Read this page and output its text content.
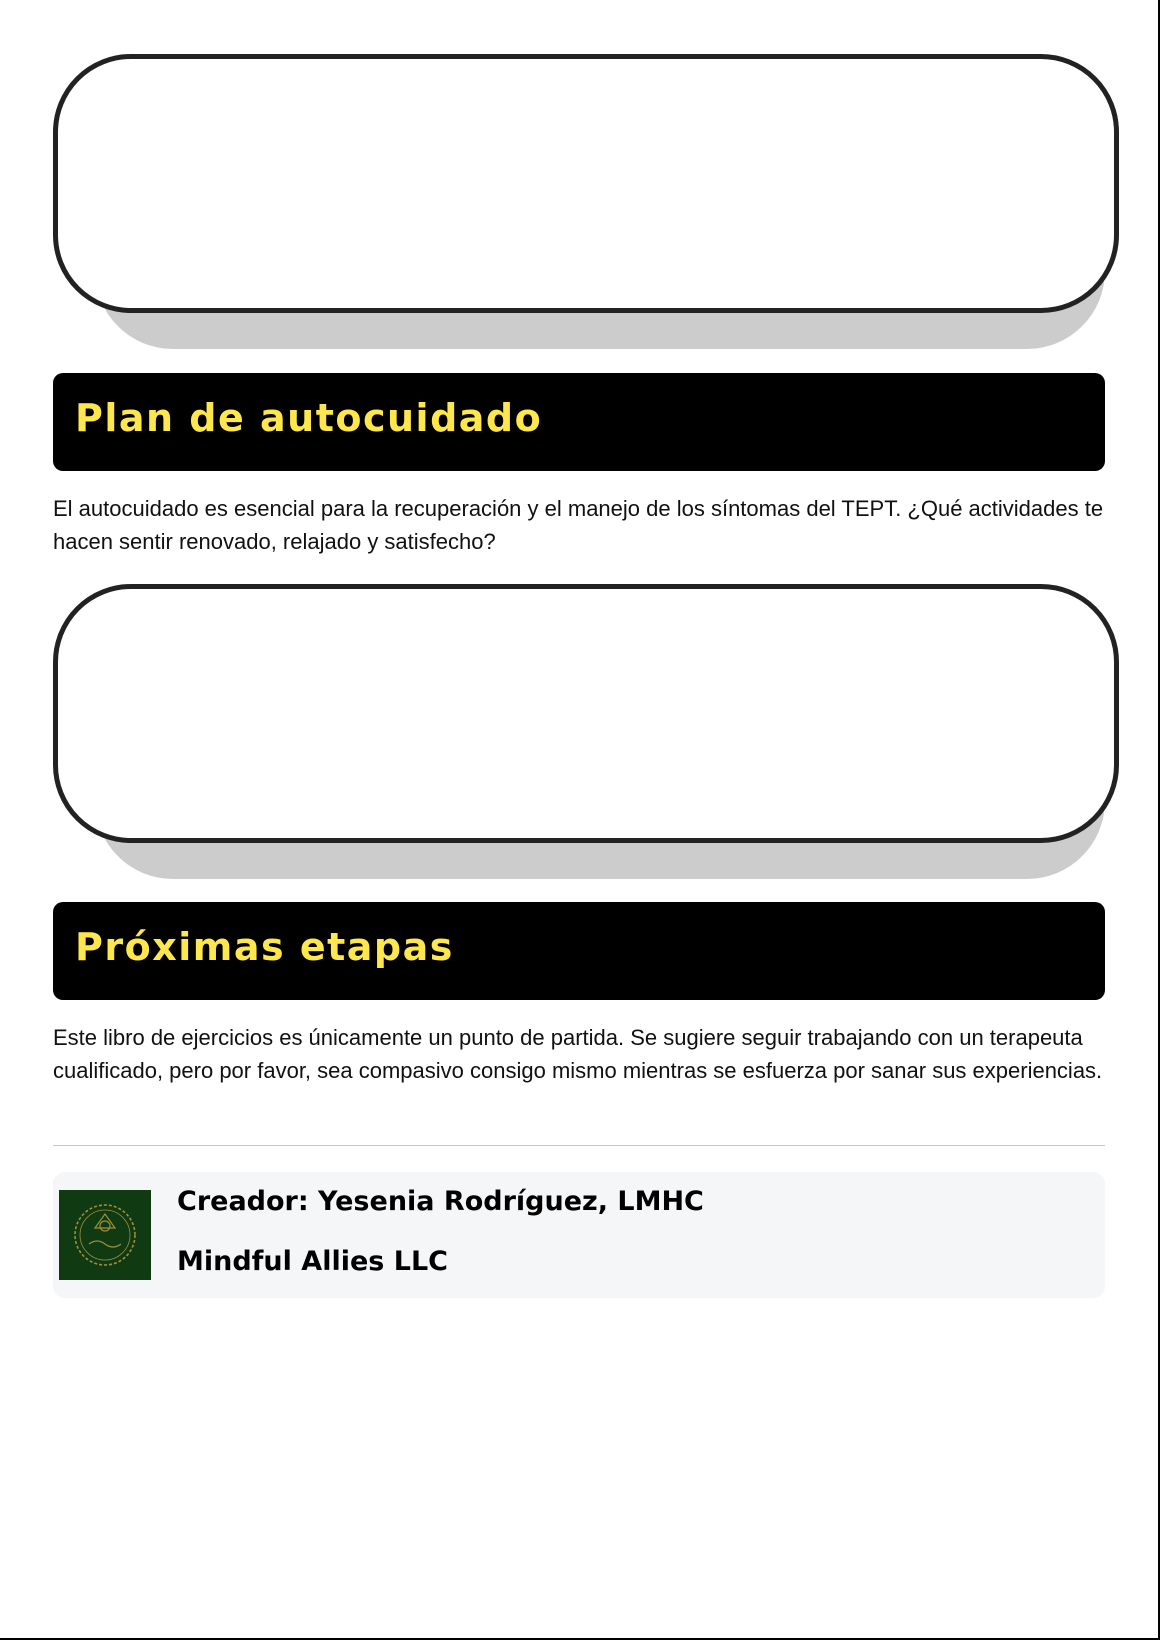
Plan de autocuidado

El autocuidado es esencial para la recuperación y el manejo de los síntomas del TEPT. ¿Qué actividades te hacen sentir renovado, relajado y satisfecho?

Próximas etapas

Este libro de ejercicios es únicamente un punto de partida. Se sugiere seguir trabajando con un terapeuta cualificado, pero por favor, sea compasivo consigo mismo mientras se esfuerza por sanar sus experiencias.

Creador: Yesenia Rodríguez, LMHC

Mindful Allies LLC
